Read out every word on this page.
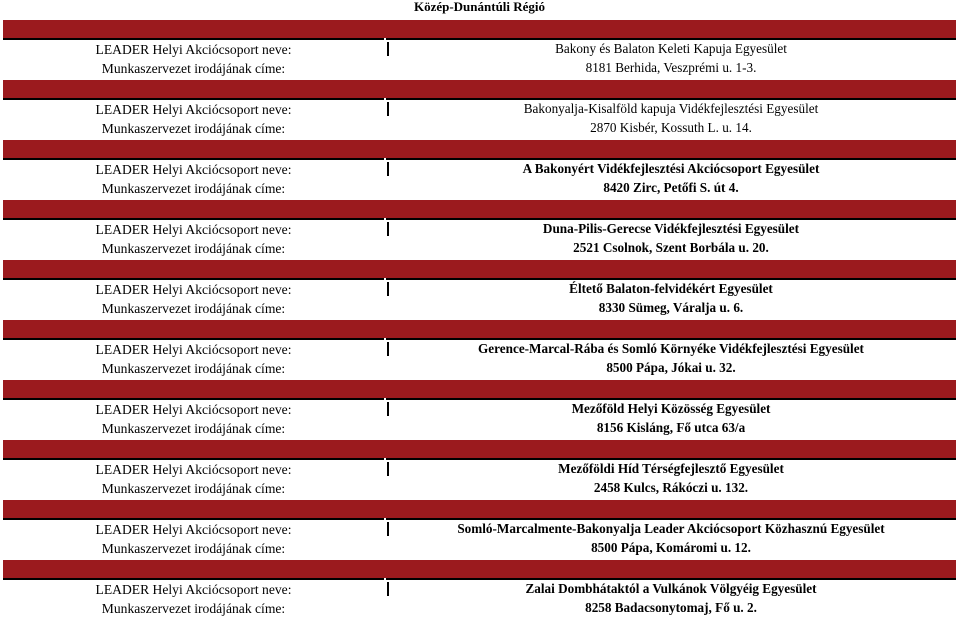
Közép-Dunántúli Régió
LEADER Helyi Akciócsoport neve:
Munkaszervezet irodájának címe:
Bakony és Balaton Keleti Kapuja Egyesület
8181 Berhida, Veszprémi u. 1-3.
LEADER Helyi Akciócsoport neve:
Munkaszervezet irodájának címe:
Bakonyalja-Kisalföld kapuja Vidékfejlesztési Egyesület
2870 Kisbér, Kossuth L. u. 14.
LEADER Helyi Akciócsoport neve:
Munkaszervezet irodájának címe:
A Bakonyért Vidékfejlesztési Akciócsoport Egyesület
8420 Zirc, Petőfi S. út 4.
LEADER Helyi Akciócsoport neve:
Munkaszervezet irodájának címe:
Duna-Pilis-Gerecse Vidékfejlesztési Egyesület
2521 Csolnok, Szent Borbála u. 20.
LEADER Helyi Akciócsoport neve:
Munkaszervezet irodájának címe:
Éltető Balaton-felvidékért Egyesület
8330 Sümeg, Váralja u. 6.
LEADER Helyi Akciócsoport neve:
Munkaszervezet irodájának címe:
Gerence-Marcal-Rába és Somló Környéke Vidékfejlesztési Egyesület
8500 Pápa, Jókai u. 32.
LEADER Helyi Akciócsoport neve:
Munkaszervezet irodájának címe:
Mezőföld Helyi Közösség Egyesület
8156 Kisláng, Fő utca 63/a
LEADER Helyi Akciócsoport neve:
Munkaszervezet irodájának címe:
Mezőföldi Híd Térségfejlesztő Egyesület
2458 Kulcs, Rákóczi u. 132.
LEADER Helyi Akciócsoport neve:
Munkaszervezet irodájának címe:
Somló-Marcalmente-Bakonyalja Leader Akciócsoport Közhasznú Egyesület
8500 Pápa, Komáromi u. 12.
LEADER Helyi Akciócsoport neve:
Munkaszervezet irodájának címe:
Zalai Dombhátaktól a Vulkánok Völgyéig Egyesület
8258 Badacsonytomaj, Fő u. 2.
